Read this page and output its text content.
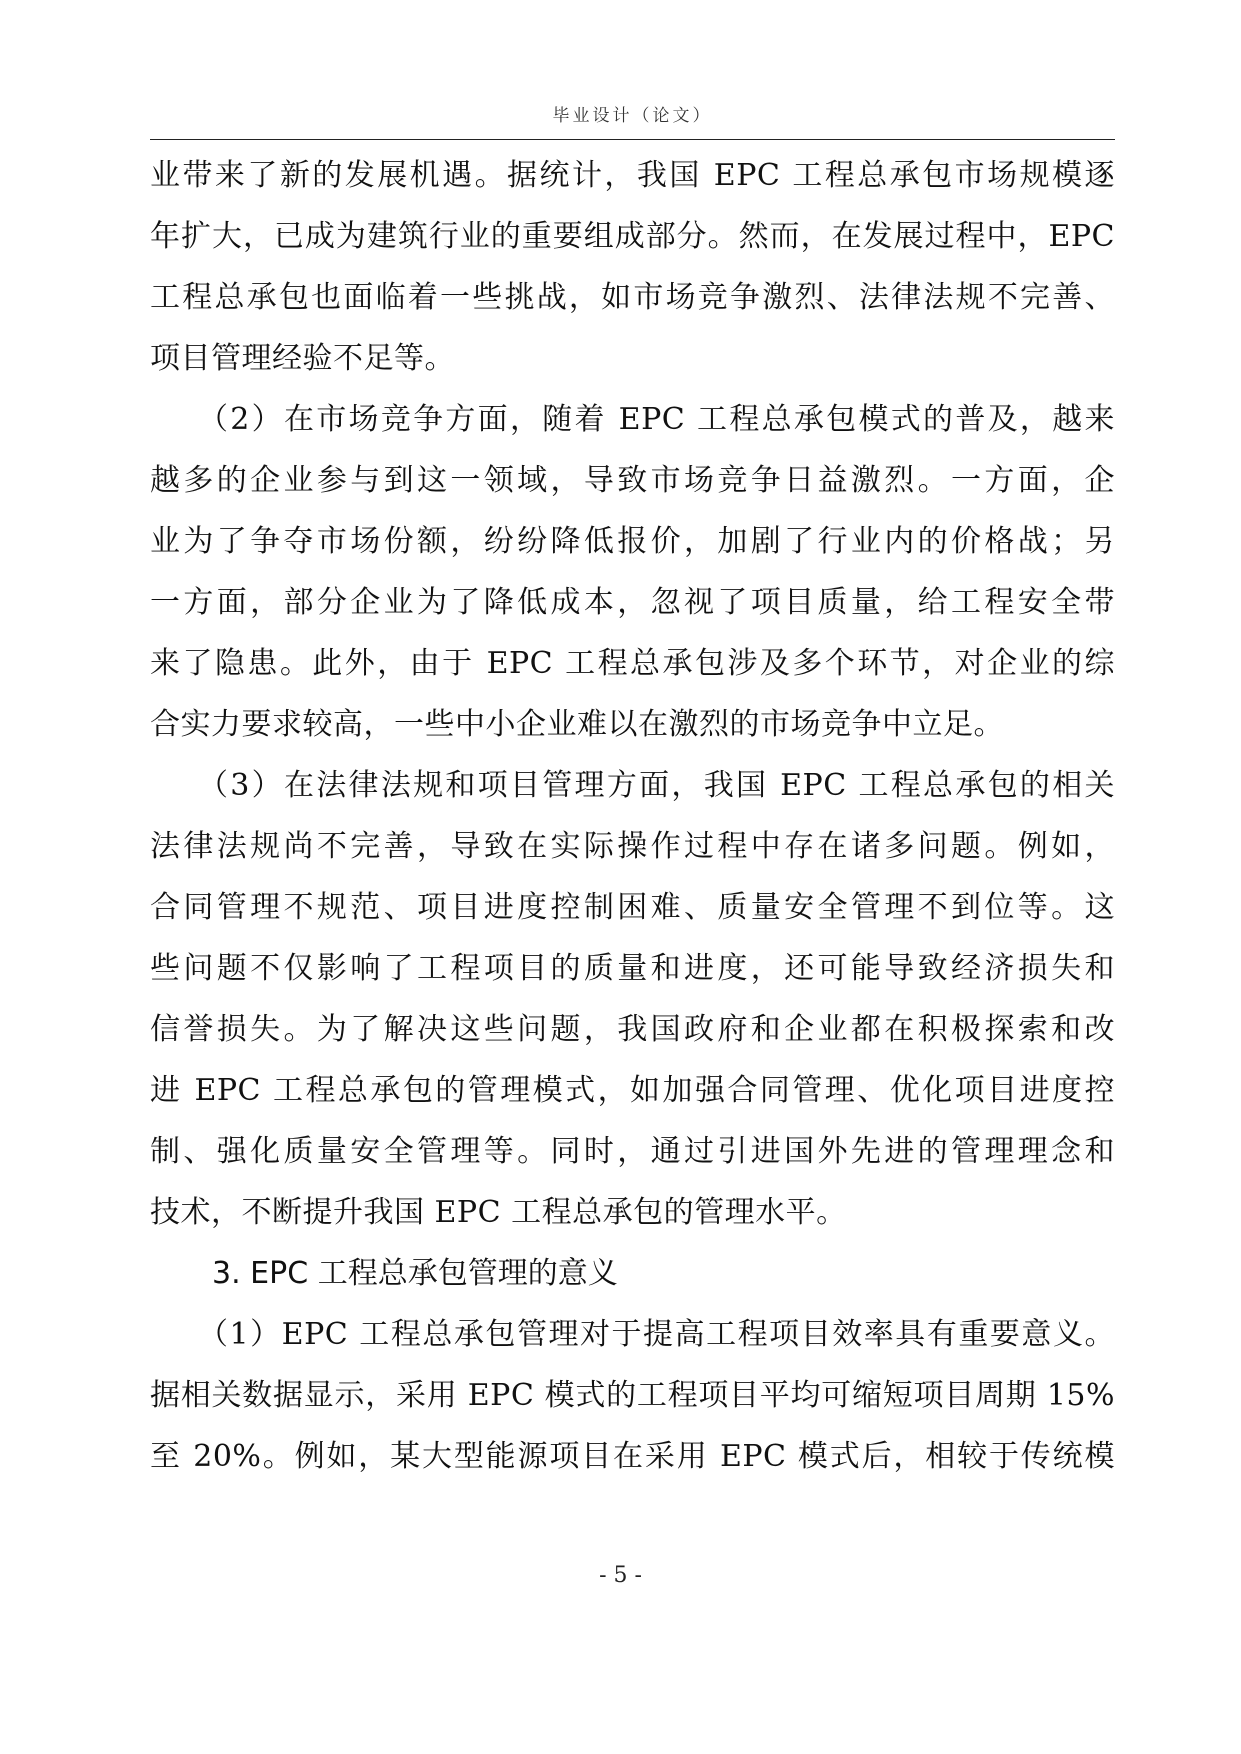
毕业设计（论文）
业带来了新的发展机遇。据统计，我国 EPC 工程总承包市场规模逐
年扩大，已成为建筑行业的重要组成部分。然而，在发展过程中，EPC
工程总承包也面临着一些挑战，如市场竞争激烈、法律法规不完善、
项目管理经验不足等。
（2）在市场竞争方面，随着 EPC 工程总承包模式的普及，越来
越多的企业参与到这一领域，导致市场竞争日益激烈。一方面，企
业为了争夺市场份额，纷纷降低报价，加剧了行业内的价格战；另
一方面，部分企业为了降低成本，忽视了项目质量，给工程安全带
来了隐患。此外，由于 EPC 工程总承包涉及多个环节，对企业的综
合实力要求较高，一些中小企业难以在激烈的市场竞争中立足。
（3）在法律法规和项目管理方面，我国 EPC 工程总承包的相关
法律法规尚不完善，导致在实际操作过程中存在诸多问题。例如，
合同管理不规范、项目进度控制困难、质量安全管理不到位等。这
些问题不仅影响了工程项目的质量和进度，还可能导致经济损失和
信誉损失。为了解决这些问题，我国政府和企业都在积极探索和改
进 EPC 工程总承包的管理模式，如加强合同管理、优化项目进度控
制、强化质量安全管理等。同时，通过引进国外先进的管理理念和
技术，不断提升我国 EPC 工程总承包的管理水平。
3. EPC 工程总承包管理的意义
（1）EPC 工程总承包管理对于提高工程项目效率具有重要意义。
据相关数据显示，采用 EPC 模式的工程项目平均可缩短项目周期 15%
至 20%。例如，某大型能源项目在采用 EPC 模式后，相较于传统模
- 5 -
